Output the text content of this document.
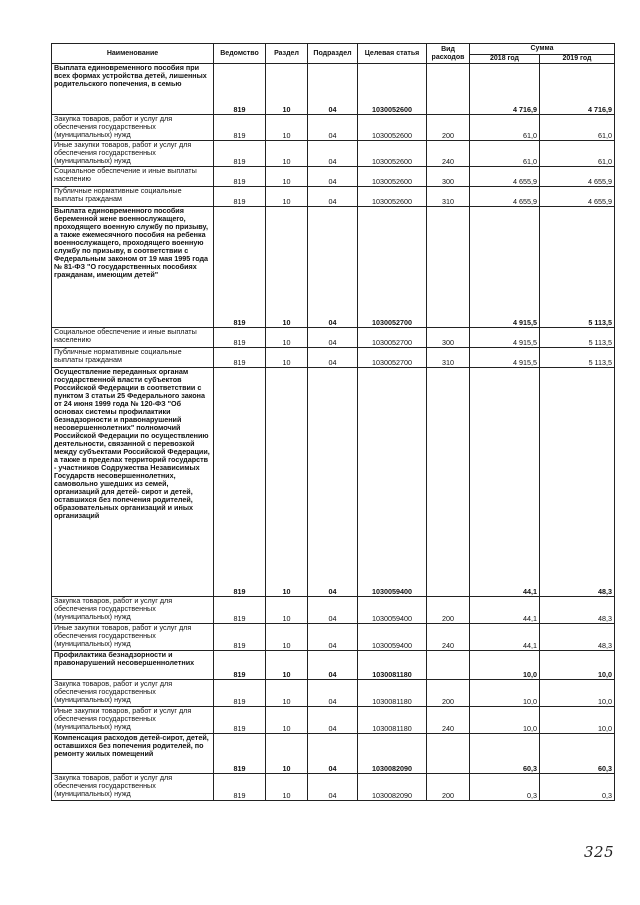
Наименование	Ведомство	Раздел	Подраздел	Целевая статья	Вид расходов	Сумма	
						2018 год	2019 год
Выплата единовременного пособия при всех формах устройства детей, лишенных родительского попечения, в семью	819	10	04	1030052600		4 716,9	4 716,9
Закупка товаров, работ и услуг для обеспечения государственных (муниципальных) нужд	819	10	04	1030052600	200	61,0	61,0
Иные закупки товаров, работ и услуг для обеспечения государственных (муниципальных) нужд	819	10	04	1030052600	240	61,0	61,0
Социальное обеспечение и иные выплаты населению	819	10	04	1030052600	300	4 655,9	4 655,9
Публичные нормативные социальные выплаты гражданам	819	10	04	1030052600	310	4 655,9	4 655,9
Выплата единовременного пособия беременной жене военнослужащего, проходящего военную службу по призыву, а также ежемесячного пособия на ребенка военнослужащего, проходящего военную службу по призыву, в соответствии с Федеральным законом от 19 мая 1995 года № 81-ФЗ "О государственных пособиях гражданам, имеющим детей"	819	10	04	1030052700		4 915,5	5 113,5
Социальное обеспечение и иные выплаты населению	819	10	04	1030052700	300	4 915,5	5 113,5
Публичные нормативные социальные выплаты гражданам	819	10	04	1030052700	310	4 915,5	5 113,5
Осуществление переданных органам государственной власти субъектов Российской Федерации в соответствии с пунктом 3 статьи 25 Федерального закона от 24 июня 1999 года № 120-ФЗ "Об основах системы профилактики безнадзорности и правонарушений несовершеннолетних" полномочий Российской Федерации по осуществлению деятельности, связанной с перевозкой между субъектами Российской Федерации, а также в пределах территорий государств - участников Содружества Независимых Государств несовершеннолетних, самовольно ушедших из семей, организаций для детей- сирот и детей, оставшихся без попечения родителей, образовательных организаций и иных организаций	819	10	04	1030059400		44,1	48,3
Закупка товаров, работ и услуг для обеспечения государственных (муниципальных) нужд	819	10	04	1030059400	200	44,1	48,3
Иные закупки товаров, работ и услуг для обеспечения государственных (муниципальных) нужд	819	10	04	1030059400	240	44,1	48,3
Профилактика безнадзорности и правонарушений несовершеннолетних	819	10	04	1030081180		10,0	10,0
Закупка товаров, работ и услуг для обеспечения государственных (муниципальных) нужд	819	10	04	1030081180	200	10,0	10,0
Иные закупки товаров, работ и услуг для обеспечения государственных (муниципальных) нужд	819	10	04	1030081180	240	10,0	10,0
Компенсация расходов детей-сирот, детей, оставшихся без попечения родителей, по ремонту жилых помещений	819	10	04	1030082090		60,3	60,3
Закупка товаров, работ и услуг для обеспечения государственных (муниципальных) нужд	819	10	04	1030082090	200	0,3	0,3
325
